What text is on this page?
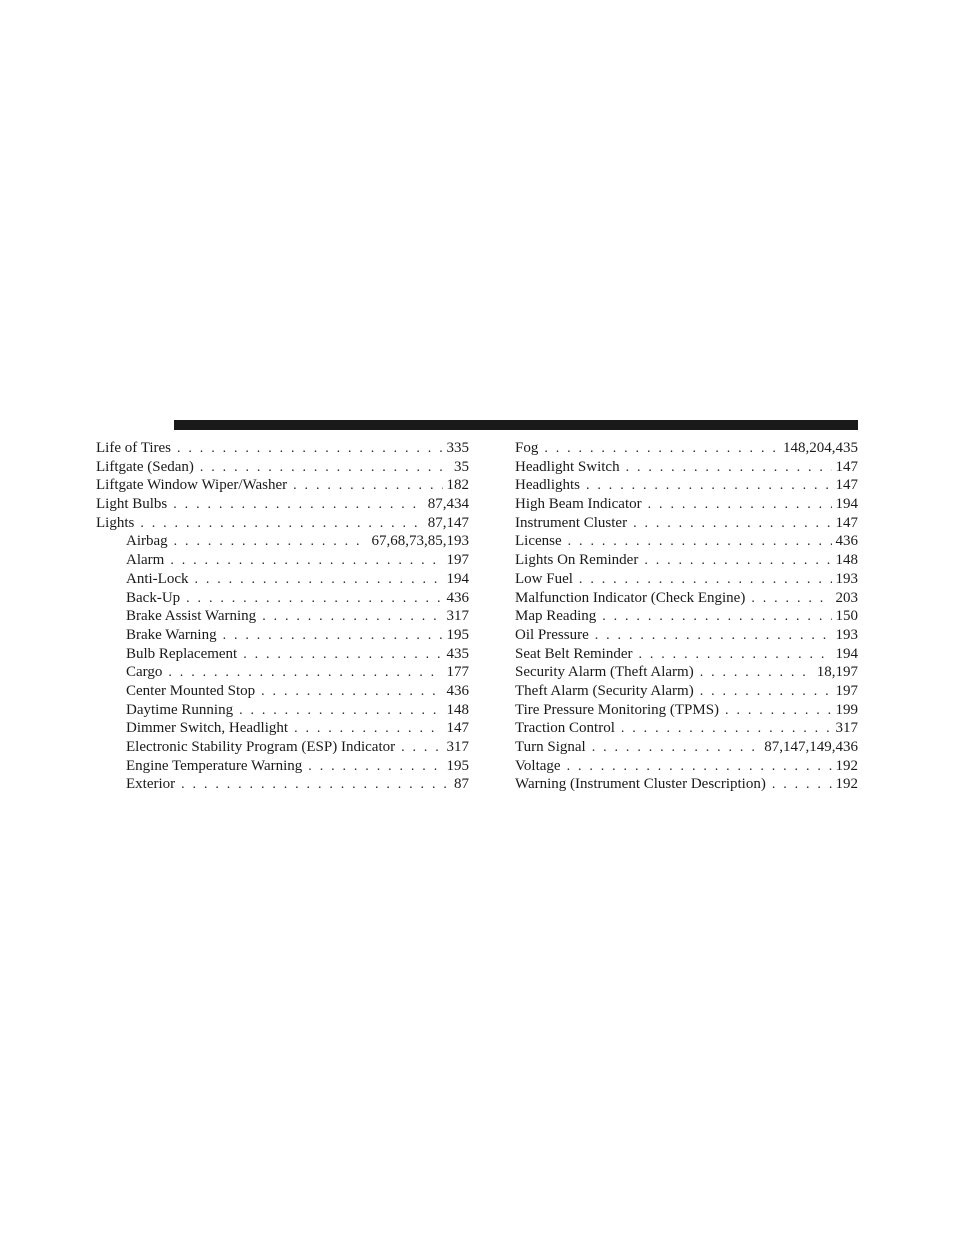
Life of Tires . . .	335
Liftgate (Sedan) . . .	35
Liftgate Window Wiper/Washer . . .	182
Light Bulbs . . .	87,434
Lights . . .	87,147
Airbag . . .	67,68,73,85,193
Alarm . . .	197
Anti-Lock . . .	194
Back-Up . . .	436
Brake Assist Warning . . .	317
Brake Warning . . .	195
Bulb Replacement . . .	435
Cargo . . .	177
Center Mounted Stop . . .	436
Daytime Running . . .	148
Dimmer Switch, Headlight . . .	147
Electronic Stability Program (ESP) Indicator . . .	317
Engine Temperature Warning . . .	195
Exterior . . .	87
Fog . . .	148,204,435
Headlight Switch . . .	147
Headlights . . .	147
High Beam Indicator . . .	194
Instrument Cluster . . .	147
License . . .	436
Lights On Reminder . . .	148
Low Fuel . . .	193
Malfunction Indicator (Check Engine) . . .	203
Map Reading . . .	150
Oil Pressure . . .	193
Seat Belt Reminder . . .	194
Security Alarm (Theft Alarm) . . .	18,197
Theft Alarm (Security Alarm) . . .	197
Tire Pressure Monitoring (TPMS) . . .	199
Traction Control . . .	317
Turn Signal . . .	87,147,149,436
Voltage . . .	192
Warning (Instrument Cluster Description) . . .	192
